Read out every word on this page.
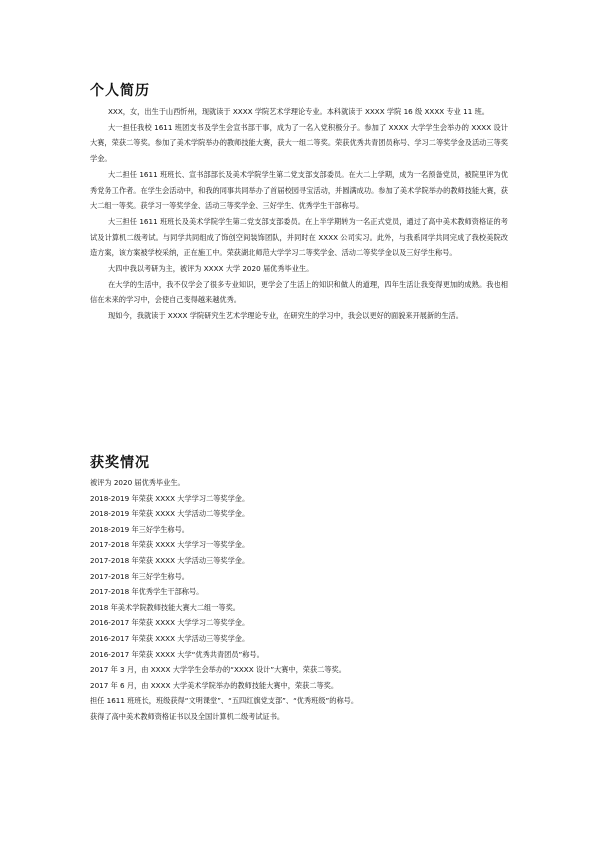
个人简历

XXX，女，出生于山西忻州，现就读于 XXXX 学院艺术学理论专业。本科就读于 XXXX 学院 16 级 XXXX 专业 11 班。

大一担任我校 1611 班团支书及学生会宣书部干事，成为了一名入党积极分子。参加了 XXXX 大学学生会举办的 XXXX 设计大赛，荣获二等奖。参加了美术学院举办的教师技能大赛，获大一组二等奖。荣获优秀共青团员称号、学习二等奖学金及活动三等奖学金。

大二担任 1611 班班长、宣书部部长及美术学院学生第二党支部支部委员。在大二上学期，成为一名预备党员，被院里评为优秀党务工作者。在学生会活动中，和我的同事共同举办了首届校园寻宝活动，并圆满成功。参加了美术学院举办的教师技能大赛，获大二组一等奖。获学习一等奖学金、活动三等奖学金、三好学生、优秀学生干部称号。

大三担任 1611 班班长及美术学院学生第二党支部支部委员。在上半学期转为一名正式党员，通过了高中美术教师资格证的考试及计算机二级考试。与同学共同组成了饰创空间装饰团队，并同时在 XXXX 公司实习。此外，与我系同学共同完成了我校美院改造方案，该方案被学校采纳，正在施工中。荣获湖北师范大学学习二等奖学金、活动二等奖学金以及三好学生称号。

大四中我以考研为主，被评为 XXXX 大学 2020 届优秀毕业生。

在大学的生活中，我不仅学会了很多专业知识，更学会了生活上的知识和做人的道理，四年生活让我变得更加的成熟。我也相信在未来的学习中，会使自己变得越来越优秀。

现如今，我就读于 XXXX 学院研究生艺术学理论专业，在研究生的学习中，我会以更好的面貌来开展新的生活。

获奖情况
被评为 2020 届优秀毕业生。
2018-2019 年荣获 XXXX 大学学习二等奖学金。
2018-2019 年荣获 XXXX 大学活动二等奖学金。
2018-2019 年三好学生称号。
2017-2018 年荣获 XXXX 大学学习一等奖学金。
2017-2018 年荣获 XXXX 大学活动三等奖学金。
2017-2018 年三好学生称号。
2017-2018 年优秀学生干部称号。
2018 年美术学院教师技能大赛大二组一等奖。
2016-2017 年荣获 XXXX 大学学习二等奖学金。
2016-2017 年荣获 XXXX 大学活动三等奖学金。
2016-2017 年荣获 XXXX 大学“优秀共青团员”称号。
2017 年 3 月，由 XXXX 大学学生会举办的“XXXX 设计”大赛中，荣获二等奖。
2017 年 6 月，由 XXXX 大学美术学院举办的教师技能大赛中，荣获二等奖。
担任 1611 班班长，班级获得“文明课堂”、“五四红旗党支部”、“优秀班级”的称号。
获得了高中美术教师资格证书以及全国计算机二级考试证书。
